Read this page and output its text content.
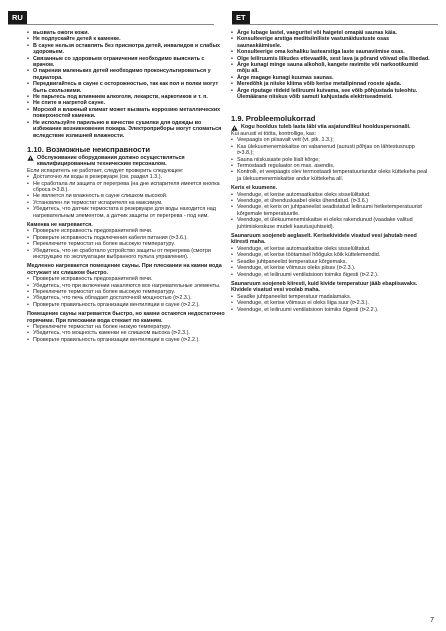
RU	ET
• вызвать ожоги кожи.
• Не подпускайте детей к каменке.
• В сауне нельзя оставлять без присмотра детей, инвалидов и слабых здоровьем.
• Связанные со здоровьем ограничения необходимо выяснить с врачом.
• О парении маленьких детей необходимо проконсультироваться у педиатора.
• Передвигайтесь в сауне с осторожностью, так как пол и полки могут быть скользкими.
• Не парьтесь под влиянием алкоголя, лекарств, наркотиков и т. п.
• Не спите в нагретой сауне.
• Морской и влажный климат может вызвать коррозию металлических поверхностей каменки.
• Не используйте парильню в качестве сушилки для одежды во избежание возникновения пожара. Электроприборы могут сломаться вследствие излишней влажности.
1.10. Возможные неисправности
Обслуживание оборудования должно осуществляться квалифицированным техническим персоналом.

Если испарителъ не работает, следует проверить следующее:

• Достаточно ли воды в резервуаре (см. раздел 1.3.).
• Не сработала ли защита от перегрева (на дне испарителя имеется кнопка сброса ⊳3.8.).
• Не является ли влажность в сауне слишком высокой.
• Установлен ли термостат испарителя на максимум.
• Убедитесь, что датчик термостата в резервуаре для воды находится над нагревательным элементом, а датчик защиты от перегрева - под ним.

Каменка не нагревается.

• Проверьте исправность предохранителей печи.
• Проверьте исправность подключения кабеля питания (⊳3.6.).
• Переключите термостат на более высокую температуру.
• Убедитесь, что не сработало устройство защиты от перегрева (смотри инструкцию по эксплуатации выбранного пульта управления).

Медленно нагревается помещение сауны. При плескании на камни вода остужает их слишком быстро.

• Проверьте исправность предохранителей печи.
• Убедитесь, что при включении накаляются все нагревательные элементы.
• Переключите термостат на более высокую температуру.
• Убедитесь, что печь обладает достаточной мощностью (⊳2.3.).
• Проверьте правильность организации вентиляции в сауне (⊳2.2.).

Помещение сауны нагревается быстро, но камни остаются недостаточно горячими. При плескании вода стекает по камням.

• Переключите термостат на более низкую температуру.
• Убедитесь, что мощность каменки не слишком высока (⊳2.3.).
• Проверьте правильность организации вентиляции в сауне (⊳2.2.).
• Ärge lubage lastel, vaeguritel või haigetel omapäi saunas käia.
• Konsulteerige arstiga meditsiiniliste vastunäidustuste osas saunaskäimisele.
• Konsulteerige oma kohaliku lastearstiga laste saunaviimise osas.
• Olge leiliruumis liikudes ettevaatlik, sest lava ja põrand võivad olla libedad.
• Ärge kunagi minge sauna alkoholi, kangete ravimite või narkootikumid mõju all.
• Ärge magage kunagi kuumas saunas.
• Meredõhk ja niiske kliima võib kerise metallpinnad rooste ajada.
• Ärge riputage riideid leiliruumi kuivama, see võib põhjustada tuleohtu. Ülemäärane niiskus võib samuti kahjustada elektriseadmeid.
1.9. Probleemolukorrad
Kogu hooldus tuleb lasta läbi viia asjatundlikul hoolduspersonalil.

Kui aurusti ei tööta, kontrollige, kas:

• Veepaagis on piisavalt vett (vt. ptk. 1.3.);
• Kas ülekuumenemiskaitse on vabanenud (aurusti põhjas on lähtestusnupp ⊳3.8.);
• Sauna niiskusaste pole liialt kõrge;
• Termostaadi regulaator on max. asendis.
• Kontrolli, et veepaagis olev termostaadi temperatuuriandur oleks küttekeha peal ja ülekuumenemiskaitse andur küttekeha all.

Keris ei kuumene.

• Veenduge, et kerise automaatkaitse oleks sisselülitatud.
• Veenduge, et ühenduskaabel oleks ühendatud. (⊳3.6.)
• Veenduge, et keris on juhtpaneelist seadistatud leiliruumi hetketemperatuurist kõrgemale temperatuurile.
• Veenduge, et ülekuumenemiskaitse ei oleks rakendunud (vaadake valitud juhtimiskeskuse mudeli kasutusjuhiseid).

Saunaruum soojeneb aeglaselt. Kerisekividele visatud vesi jahutab need kiiresti maha.

• Veenduge, et kerise automaatkaitse oleks sisselülitatud.
• Veenduge, et kerise töötamisel hõõguks kõik küttelemendid.
• Seadke juhtpaneelist temperatuur kõrgemaks.
• Veenduge, et kerise võimsus oleks piisav (⊳2.3.).
• Veenduge, et leiliruumi ventilatsioon toimiks õigesti (⊳2.2.).

Saunaruum soojeneb kiiresti, kuid kivide temperatuur jääb ebapiisavaks. Kividele visatud vesi voolab maha.

• Seadke juhtpaneelist temperatuur madalamaks.
• Veenduge, et kerise võimsus ei oleks liiga suur (⊳2.3.).
• Veenduge, et leiliruumi ventilatsioon toimiks õigesti (⊳2.2.).
7
